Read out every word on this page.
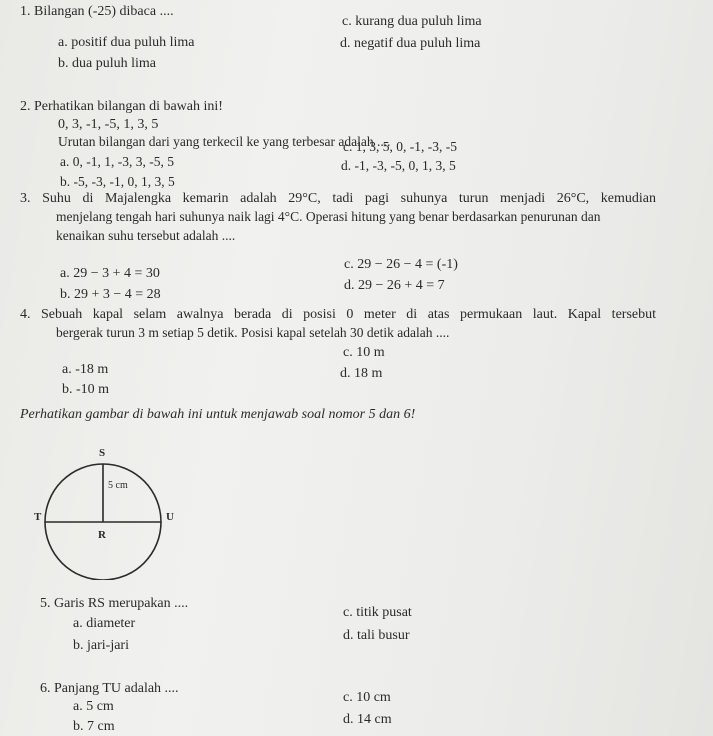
1. Bilangan (-25) dibaca ....
c. kurang dua puluh lima
a. positif dua puluh lima	d. negatif dua puluh lima
b. dua puluh lima
2. Perhatikan bilangan di bawah ini!
0, 3, -1, -5, 1, 3, 5
Urutan bilangan dari yang terkecil ke yang terbesar adalah ....
c. 1, 3, 5, 0, -1, -3, -5
a. 0, -1, 1, -3, 3, -5, 5	d. -1, -3, -5, 0, 1, 3, 5
b. -5, -3, -1, 0, 1, 3, 5
3. Suhu di Majalengka kemarin adalah 29°C, tadi pagi suhunya turun menjadi 26°C, kemudian
menjelang tengah hari suhunya naik lagi 4°C. Operasi hitung yang benar berdasarkan penurunan dan
kenaikan suhu tersebut adalah ....
c. 29 − 26 − 4 = (-1)
a. 29 − 3 + 4 = 30
d. 29 − 26 + 4 = 7
b. 29 + 3 − 4 = 28
4. Sebuah kapal selam awalnya berada di posisi 0 meter di atas permukaan laut. Kapal tersebut
bergerak turun 3 m setiap 5 detik. Posisi kapal setelah 30 detik adalah ....
c. 10 m
a. -18 m	d. 18 m
b. -10 m
Perhatikan gambar di bawah ini untuk menjawab soal nomor 5 dan 6!
S
T
R
U
5 cm
5. Garis RS merupakan ....
c. titik pusat
a. diameter
d. tali busur
b. jari-jari
6. Panjang TU adalah ....
c. 10 cm
a. 5 cm
d. 14 cm
b. 7 cm
